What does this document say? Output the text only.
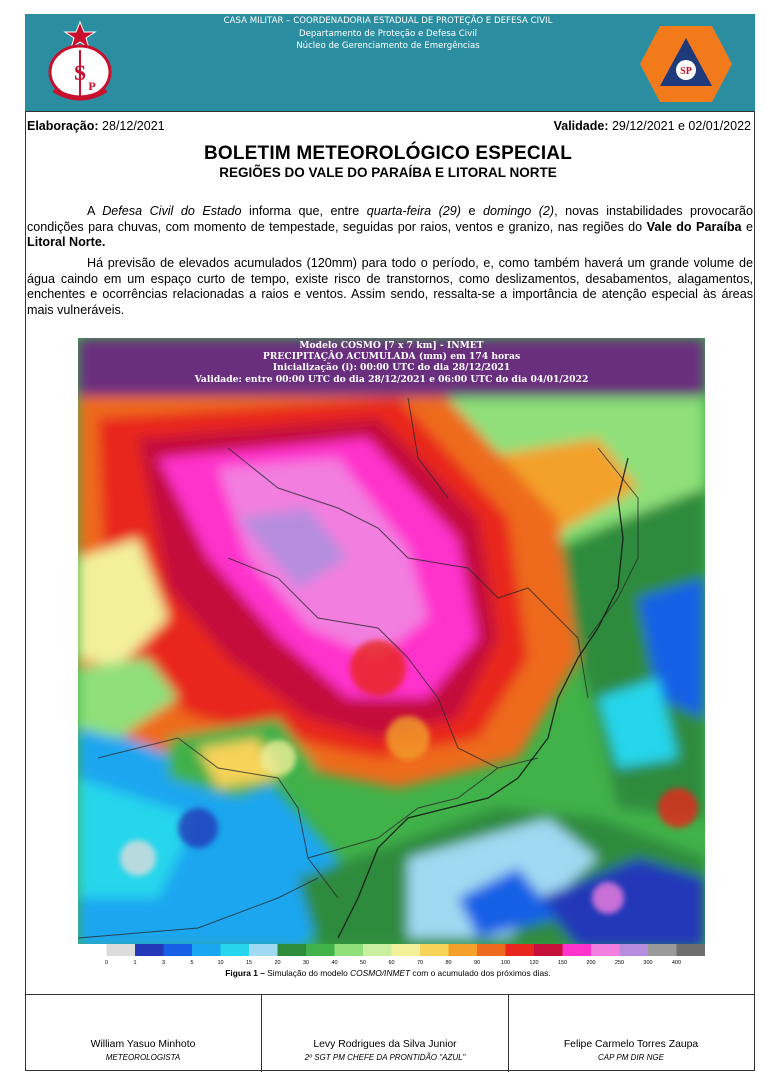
S
P
CASA MILITAR – COORDENADORIA ESTADUAL DE PROTEÇÃO E DEFESA CIVIL
Departamento de Proteção e Defesa Civil
Núcleo de Gerenciamento de Emergências
SP
Elaboração: 28/12/2021	Validade: 29/12/2021 e 02/01/2022
BOLETIM METEOROLÓGICO ESPECIAL
REGIÕES DO VALE DO PARAÍBA E LITORAL NORTE
A Defesa Civil do Estado informa que, entre quarta-feira (29) e domingo (2), novas instabilidades provocarão condições para chuvas, com momento de tempestade, seguidas por raios, ventos e granizo, nas regiões do Vale do Paraíba e Litoral Norte.
Há previsão de elevados acumulados (120mm) para todo o período, e, como também haverá um grande volume de água caindo em um espaço curto de tempo, existe risco de transtornos, como deslizamentos, desabamentos, alagamentos, enchentes e ocorrências relacionadas a raios e ventos. Assim sendo, ressalta-se a importância de atenção especial às áreas mais vulneráveis.
Modelo COSMO [7 x 7 km] - INMET
PRECIPITAÇÃO ACUMULADA (mm) em 174 horas
Inicialização (i): 00:00 UTC do dia 28/12/2021
Validade: entre 00:00 UTC do dia 28/12/2021 e 06:00 UTC do dia 04/01/2022
0	1	3	5	10	15	20	30	40	50	60	70	80	90	100	120	150	200	250	300	400
Figura 1 – Simulação do modelo COSMO/INMET com o acumulado dos próximos dias.
William Yasuo Minhoto
METEOROLOGISTA
Levy Rodrigues da Silva Junior
2º SGT PM CHEFE DA PRONTIDÃO "AZUL"
Felipe Carmelo Torres Zaupa
CAP PM DIR NGE
